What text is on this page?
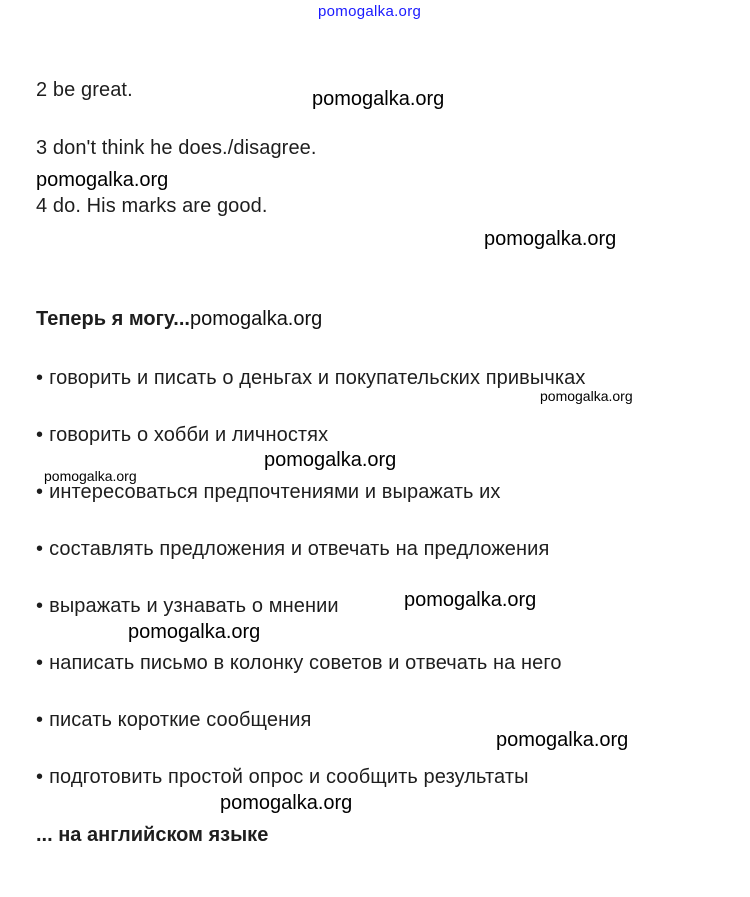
pomogalka.org
2 be great.	pomogalka.org
3 don't think he does./disagree.
pomogalka.org
4 do. His marks are good.
pomogalka.org
Теперь я могу...pomogalka.org
• говорить и писать о деньгах и покупательских привычках
pomogalka.org
• говорить о хобби и личностях
pomogalka.org
pomogalka.org
• интересоваться предпочтениями и выражать их
• составлять предложения и отвечать на предложения
• выражать и узнавать о мнении	pomogalka.org
pomogalka.org
• написать письмо в колонку советов и отвечать на него
• писать короткие сообщения
pomogalka.org
• подготовить простой опрос и сообщить результаты
pomogalka.org
... на английском языке
